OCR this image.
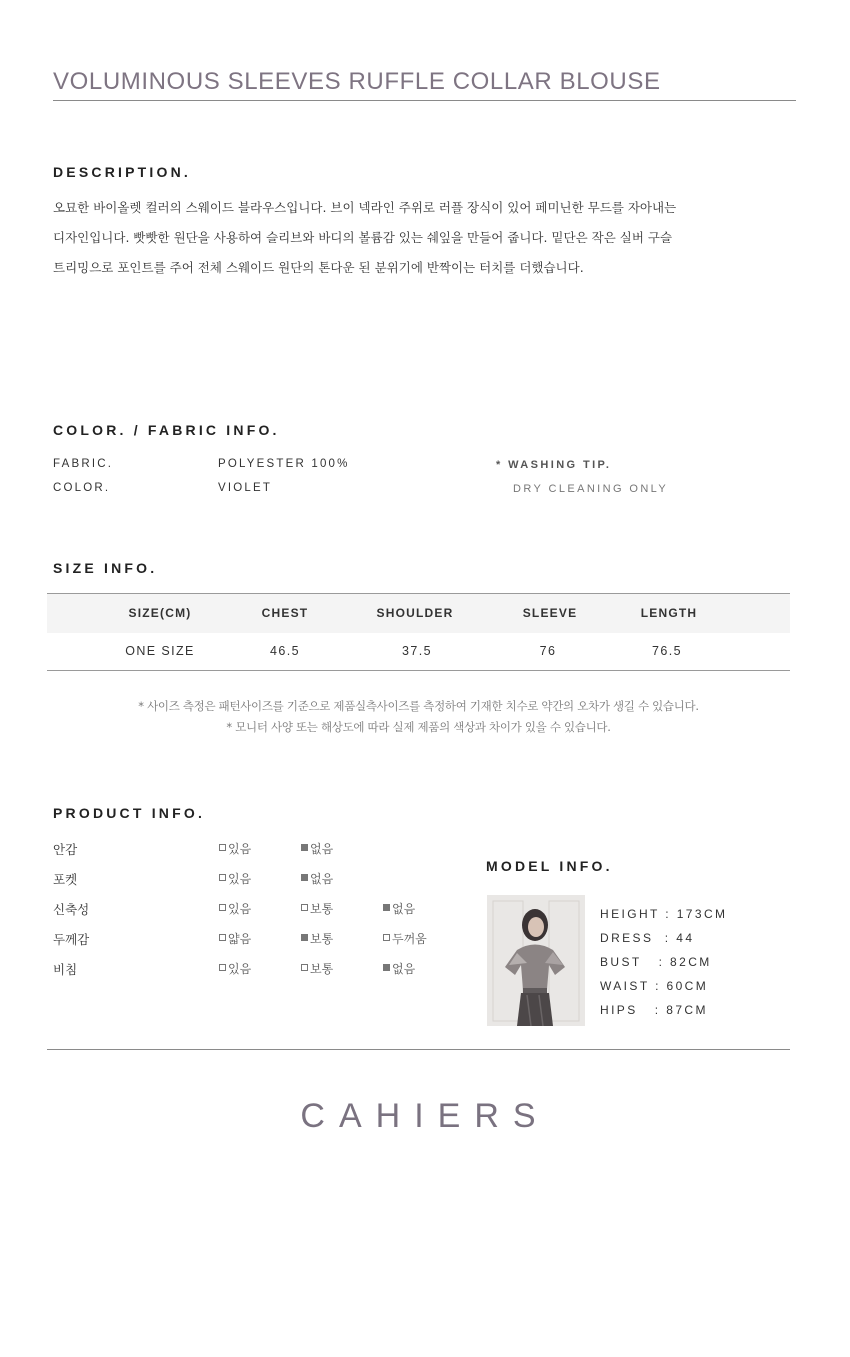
VOLUMINOUS SLEEVES RUFFLE COLLAR BLOUSE
DESCRIPTION.
오묘한 바이올렛 컬러의 스웨이드 블라우스입니다. 브이 넥라인 주위로 러플 장식이 있어 페미닌한 무드를 자아내는
디자인입니다. 빳빳한 원단을 사용하여 슬리브와 바디의 볼륨감 있는 쉐잎을 만들어 줍니다. 밑단은 작은 실버 구슬
트리밍으로 포인트를 주어 전체 스웨이드 원단의 톤다운 된 분위기에 반짝이는 터치를 더했습니다.
COLOR. / FABRIC INFO.
FABRIC.	POLYESTER 100%
COLOR.	VIOLET
* WASHING TIP.
DRY CLEANING ONLY
SIZE INFO.
SIZE(CM)	CHEST	SHOULDER	SLEEVE	LENGTH
ONE SIZE	46.5	37.5	76	76.5
* 사이즈 측정은 패턴사이즈를 기준으로 제품실측사이즈를 측정하여 기재한 치수로 약간의 오차가 생길 수 있습니다.
* 모니터 사양 또는 해상도에 따라 실제 제품의 색상과 차이가 있을 수 있습니다.
PRODUCT INFO.
안감	있음	없음
포켓	있음	없음
신축성	있음	보통	없음
두께감	얇음	보통	두꺼움
비침	있음	보통	없음
MODEL INFO.
HEIGHT : 173CM
DRESS  : 44
BUST   : 82CM
WAIST : 60CM
HIPS   : 87CM
CAHIERS
